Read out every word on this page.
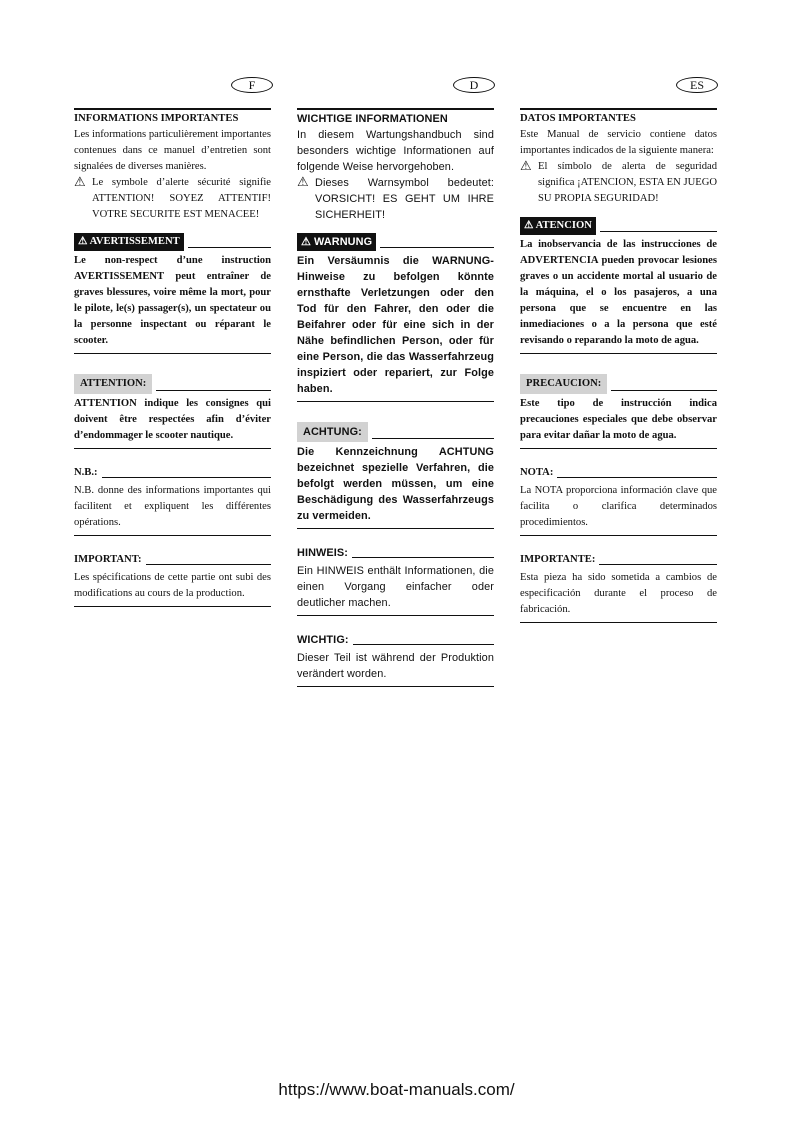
F	D	ES
INFORMATIONS IMPORTANTES

Les informations particulièrement importantes contenues dans ce manuel d’entretien sont signalées de diverses manières.

⚠ Le symbole d’alerte sécurité signifie ATTENTION! SOYEZ ATTENTIF! VOTRE SECURITE EST MENACEE!

⚠ AVERTISSEMENT

Le non-respect d’une instruction AVERTISSEMENT peut entraîner de graves blessures, voire même la mort, pour le pilote, le(s) passager(s), un spectateur ou la personne inspectant ou réparant le scooter.

ATTENTION:

ATTENTION indique les consignes qui doivent être respectées afin d’éviter d’endommager le scooter nautique.

N.B.:

N.B. donne des informations importantes qui facilitent et expliquent les différentes opérations.

IMPORTANT:

Les spécifications de cette partie ont subi des modifications au cours de la production.

WICHTIGE INFORMATIONEN

In diesem Wartungshandbuch sind besonders wichtige Informationen auf folgende Weise hervorgehoben.

⚠ Dieses Warnsymbol bedeutet: VORSICHT! ES GEHT UM IHRE SICHERHEIT!

⚠ WARNUNG

Ein Versäumnis die WARNUNG-Hinweise zu befolgen könnte ernsthafte Verletzungen oder den Tod für den Fahrer, den oder die Beifahrer oder für eine sich in der Nähe befindlichen Person, oder für eine Person, die das Wasserfahrzeug inspiziert oder repariert, zur Folge haben.

ACHTUNG:

Die Kennzeichnung ACHTUNG bezeichnet spezielle Verfahren, die befolgt werden müssen, um eine Beschädigung des Wasserfahrzeugs zu vermeiden.

HINWEIS:

Ein HINWEIS enthält Informationen, die einen Vorgang einfacher oder deutlicher machen.

WICHTIG:

Dieser Teil ist während der Produktion verändert worden.

DATOS IMPORTANTES

Este Manual de servicio contiene datos importantes indicados de la siguiente manera:

⚠ El símbolo de alerta de seguridad significa ¡ATENCION, ESTA EN JUEGO SU PROPIA SEGURIDAD!

⚠ ATENCION

La inobservancia de las instrucciones de ADVERTENCIA pueden provocar lesiones graves o un accidente mortal al usuario de la máquina, el o los pasajeros, a una persona que se encuentre en las inmediaciones o a la persona que esté revisando o reparando la moto de agua.

PRECAUCION:

Este tipo de instrucción indica precauciones especiales que debe observar para evitar dañar la moto de agua.

NOTA:

La NOTA proporciona información clave que facilita o clarifica determinados procedimientos.

IMPORTANTE:

Esta pieza ha sido sometida a cambios de especificación durante el proceso de fabricación.

https://www.boat-manuals.com/
